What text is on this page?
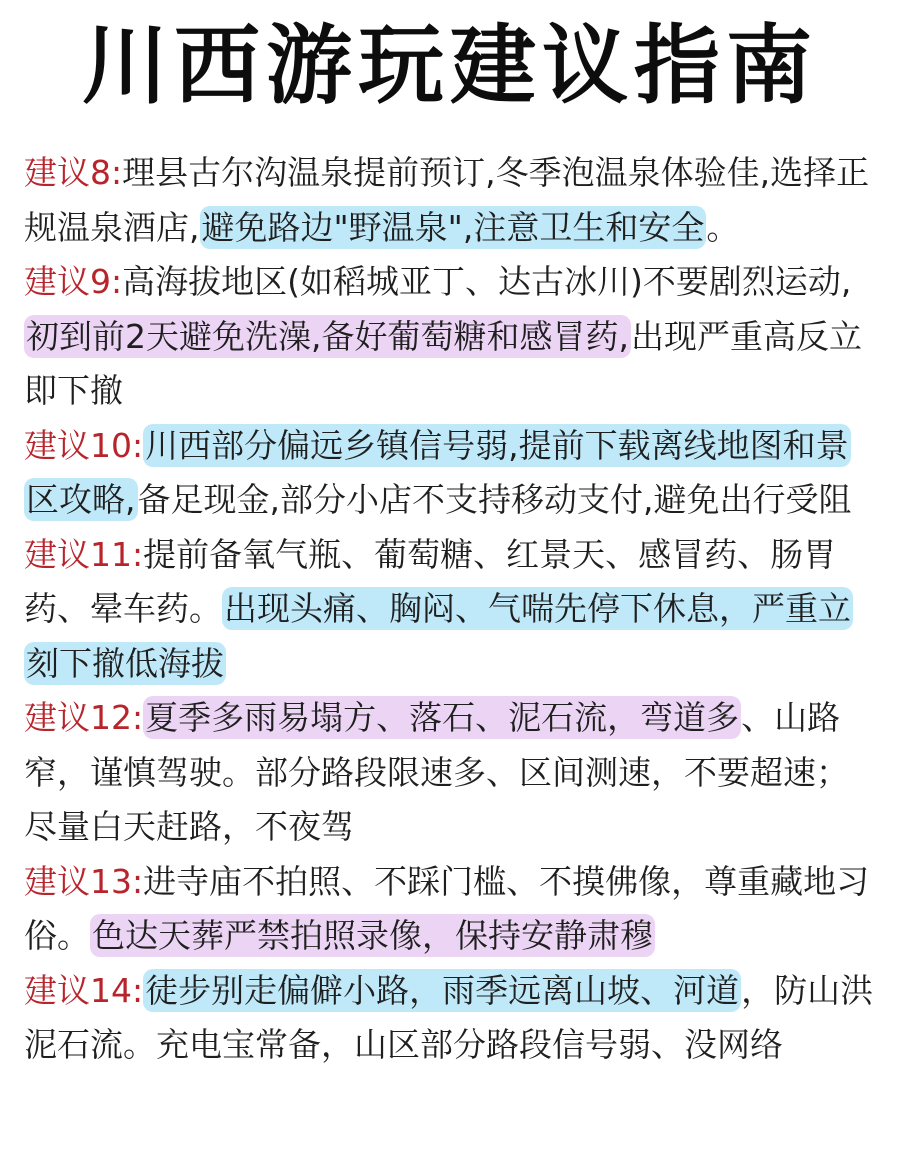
川西游玩建议指南

建议8:理县古尔沟温泉提前预订,冬季泡温泉体验佳,选择正规温泉酒店,避免路边"野温泉",注意卫生和安全。

建议9:高海拔地区(如稻城亚丁、达古冰川)不要剧烈运动,初到前2天避免洗澡,备好葡萄糖和感冒药,出现严重高反立即下撤

建议10:川西部分偏远乡镇信号弱,提前下载离线地图和景区攻略,备足现金,部分小店不支持移动支付,避免出行受阻

建议11:提前备氧气瓶、葡萄糖、红景天、感冒药、肠胃药、晕车药。出现头痛、胸闷、气喘先停下休息，严重立刻下撤低海拔

建议12:夏季多雨易塌方、落石、泥石流，弯道多、山路窄，谨慎驾驶。部分路段限速多、区间测速，不要超速；尽量白天赶路，不夜驾

建议13:进寺庙不拍照、不踩门槛、不摸佛像，尊重藏地习俗。色达天葬严禁拍照录像，保持安静肃穆

建议14:徒步别走偏僻小路，雨季远离山坡、河道，防山洪泥石流。充电宝常备，山区部分路段信号弱、没网络
